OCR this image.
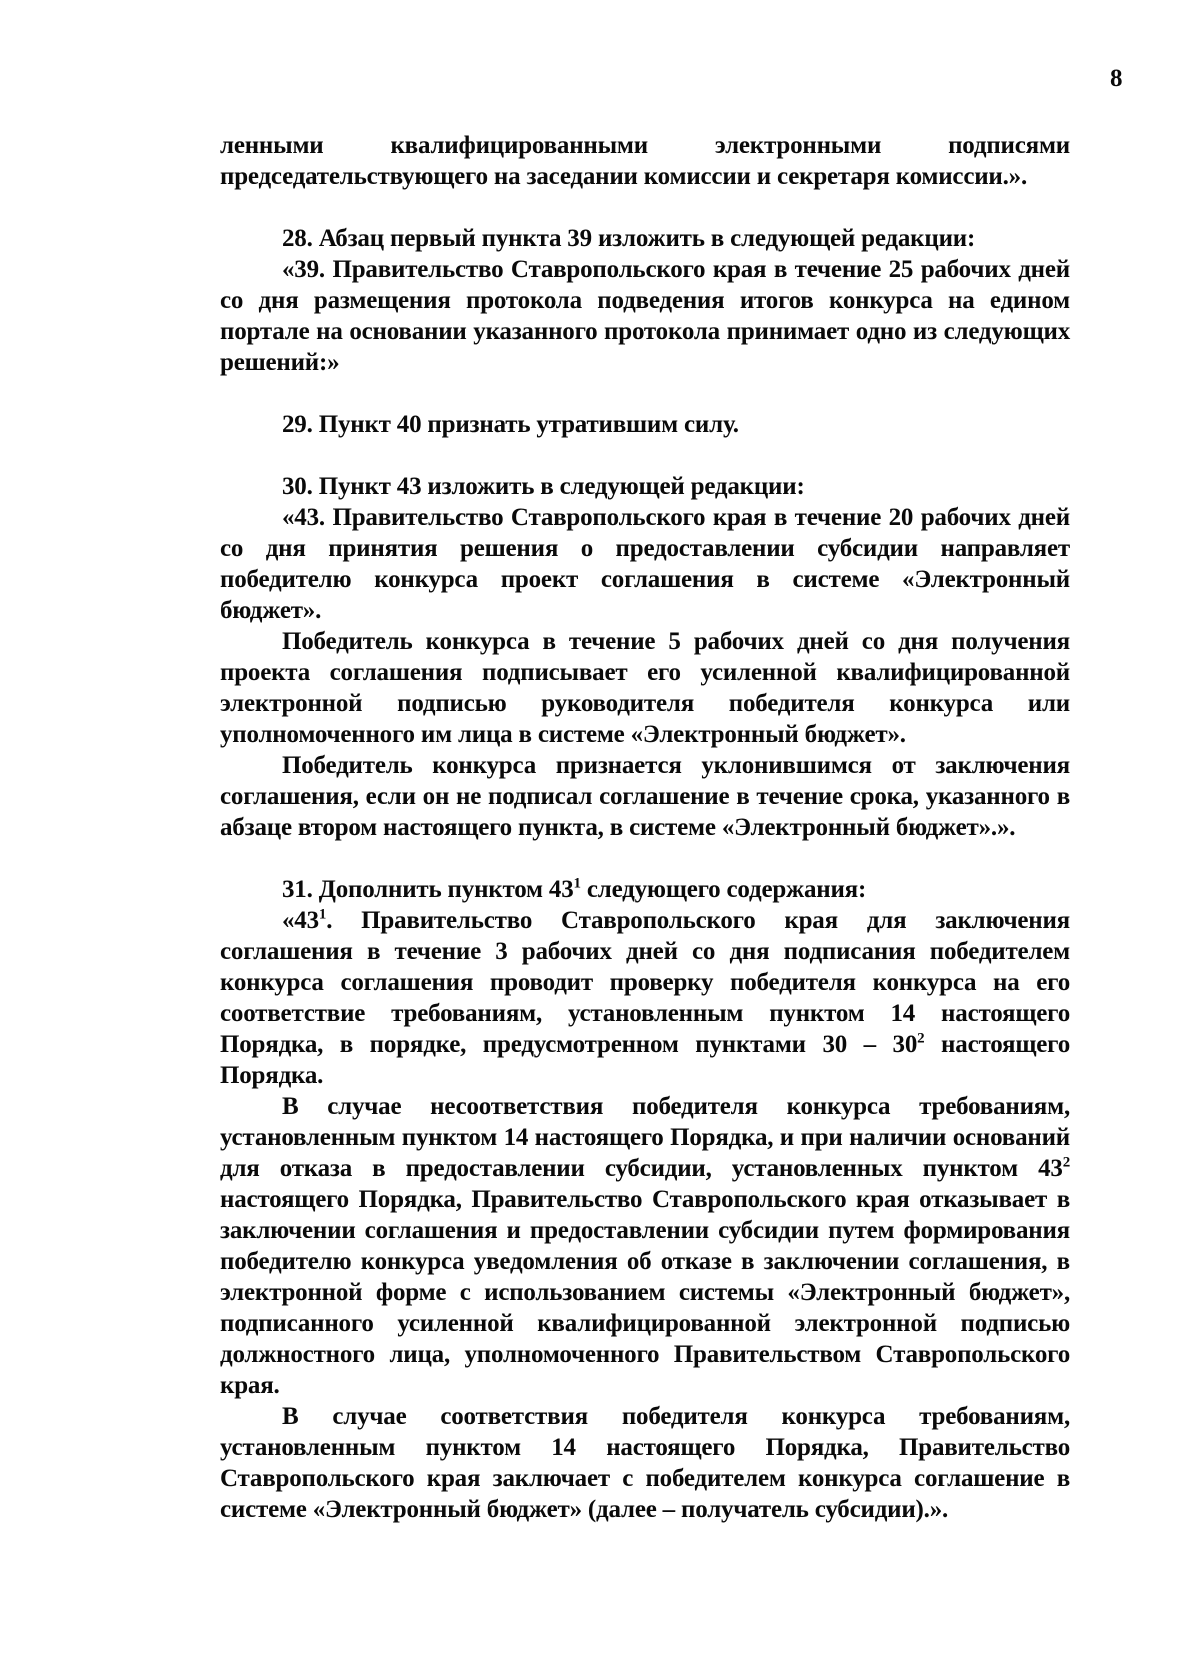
8

ленными квалифицированными электронными подписями председательствующего на заседании комиссии и секретаря комиссии.».

28. Абзац первый пункта 39 изложить в следующей редакции:

«39. Правительство Ставропольского края в течение 25 рабочих дней со дня размещения протокола подведения итогов конкурса на едином портале на основании указанного протокола принимает одно из следующих решений:»

29. Пункт 40 признать утратившим силу.

30. Пункт 43 изложить в следующей редакции:

«43. Правительство Ставропольского края в течение 20 рабочих дней со дня принятия решения о предоставлении субсидии направляет победителю конкурса проект соглашения в системе «Электронный бюджет».

Победитель конкурса в течение 5 рабочих дней со дня получения проекта соглашения подписывает его усиленной квалифицированной электронной подписью руководителя победителя конкурса или уполномоченного им лица в системе «Электронный бюджет».

Победитель конкурса признается уклонившимся от заключения соглашения, если он не подписал соглашение в течение срока, указанного в абзаце втором настоящего пункта, в системе «Электронный бюджет».».

31. Дополнить пунктом $43^1$ следующего содержания:

«$43^1$. Правительство Ставропольского края для заключения соглашения в течение 3 рабочих дней со дня подписания победителем конкурса соглашения проводит проверку победителя конкурса на его соответствие требованиям, установленным пунктом 14 настоящего Порядка, в порядке, предусмотренном пунктами $30 - 30^2$ настоящего Порядка.

В случае несоответствия победителя конкурса требованиям, установленным пунктом 14 настоящего Порядка, и при наличии оснований для отказа в предоставлении субсидии, установленных пунктом $43^2$ настоящего Порядка, Правительство Ставропольского края отказывает в заключении соглашения и предоставлении субсидии путем формирования победителю конкурса уведомления об отказе в заключении соглашения, в электронной форме с использованием системы «Электронный бюджет», подписанного усиленной квалифицированной электронной подписью должностного лица, уполномоченного Правительством Ставропольского края.

В случае соответствия победителя конкурса требованиям, установленным пунктом 14 настоящего Порядка, Правительство Ставропольского края заключает с победителем конкурса соглашение в системе «Электронный бюджет» (далее – получатель субсидии).».
